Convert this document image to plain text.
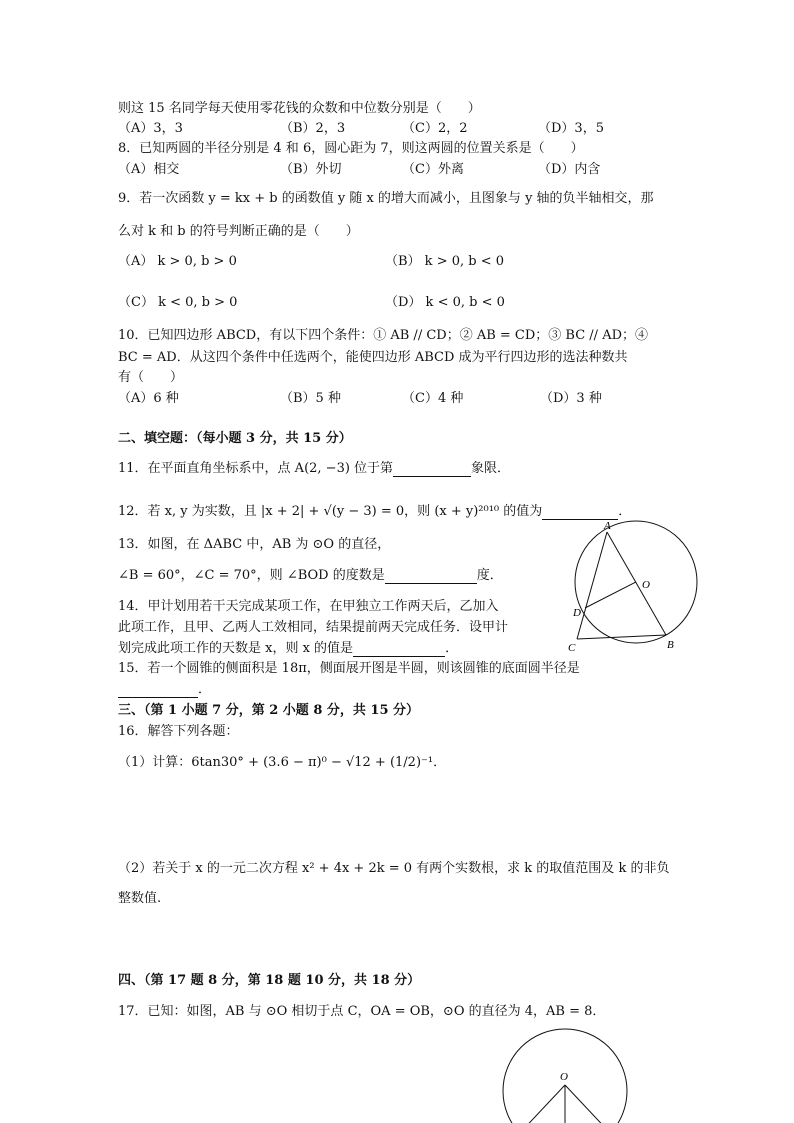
则这 15 名同学每天使用零花钱的众数和中位数分别是（　　）
（A）3，3	（B）2，3	（C）2，2	（D）3，5
8．已知两圆的半径分别是 4 和 6，圆心距为 7，则这两圆的位置关系是（　　）
（A）相交	（B）外切	（C）外离	（D）内含
9．若一次函数 y = kx + b 的函数值 y 随 x 的增大而减小，且图象与 y 轴的负半轴相交，那
么对 k 和 b 的符号判断正确的是（　　）
（A） k > 0, b > 0	（B） k > 0, b < 0
（C） k < 0, b > 0	（D） k < 0, b < 0
10．已知四边形 ABCD，有以下四个条件：① AB // CD；② AB = CD；③ BC // AD；④
BC = AD．从这四个条件中任选两个，能使四边形 ABCD 成为平行四边形的选法种数共
有（　　）
（A）6 种	（B）5 种	（C）4 种	（D）3 种
二、填空题：（每小题 3 分，共 15 分）
11．在平面直角坐标系中，点 A(2, −3) 位于第	象限．
12．若 x, y 为实数，且 |x + 2| + √(y − 3) = 0，则 (x + y)²⁰¹⁰ 的值为	．
13．如图，在 ΔABC 中，AB 为 ⊙O 的直径，
∠B = 60°，∠C = 70°，则 ∠BOD 的度数是	度．
14．甲计划用若干天完成某项工作，在甲独立工作两天后，乙加入
此项工作，且甲、乙两人工效相同，结果提前两天完成任务．设甲计
划完成此项工作的天数是 x，则 x 的值是	．
15．若一个圆锥的侧面积是 18π，侧面展开图是半圆，则该圆锥的底面圆半径是
．
A
O
D
C	B
三、（第 1 小题 7 分，第 2 小题 8 分，共 15 分）
16．解答下列各题：
（1）计算：6tan30° + (3.6 − π)⁰ − √12 + (1/2)⁻¹．
（2）若关于 x 的一元二次方程 x² + 4x + 2k = 0 有两个实数根，求 k 的取值范围及 k 的非负
整数值.
四、（第 17 题 8 分，第 18 题 10 分，共 18 分）
17．已知：如图，AB 与 ⊙O 相切于点 C，OA = OB，⊙O 的直径为 4，AB = 8．
O
